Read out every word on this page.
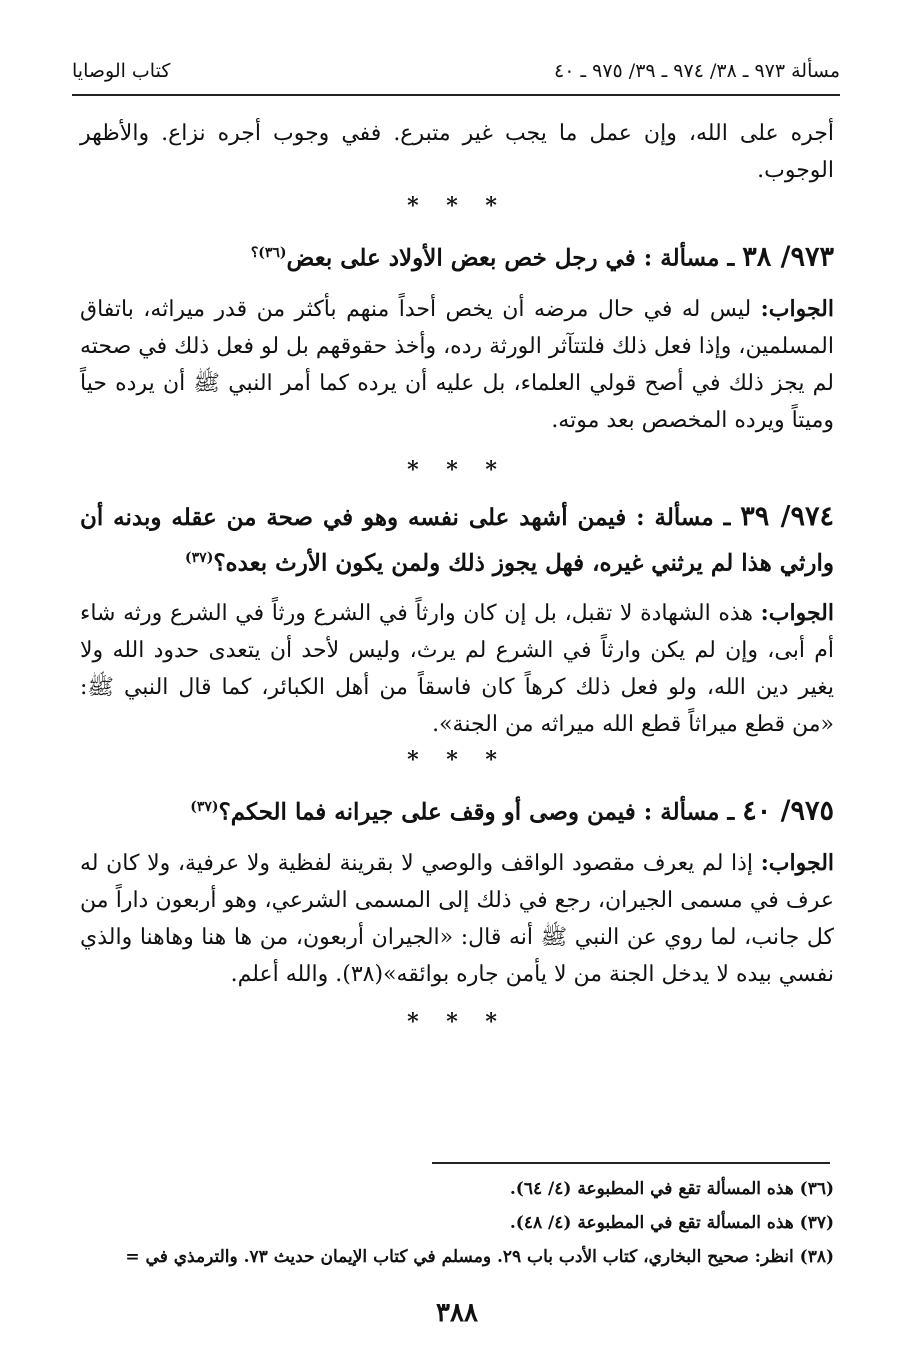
مسألة ٩٧٣ ـ ٣٨/ ٩٧٤ ـ ٣٩/ ٩٧٥ ـ ٤٠
كتاب الوصايا

أجره على الله، وإن عمل ما يجب غير متبرع. ففي وجوب أجره نزاع. والأظهر الوجوب.

* * *
٩٧٣/ ٣٨ ـ مسألة : في رجل خص بعض الأولاد على بعض$^{(٣٦)؟}$

الجواب: ليس له في حال مرضه أن يخص أحداً منهم بأكثر من قدر ميراثه، باتفاق المسلمين، وإذا فعل ذلك فلتتآثر الورثة رده، وأخذ حقوقهم بل لو فعل ذلك في صحته لم يجز ذلك في أصح قولي العلماء، بل عليه أن يرده كما أمر النبي ﷺ أن يرده حياً وميتاً ويرده المخصص بعد موته.

* * *
٩٧٤/ ٣٩ ـ مسألة : فيمن أشهد على نفسه وهو في صحة من عقله وبدنه أن وارثي هذا لم يرثني غيره، فهل يجوز ذلك ولمن يكون الأرث بعده؟$^{(٣٧)}$

الجواب: هذه الشهادة لا تقبل، بل إن كان وارثاً في الشرع ورثاً في الشرع ورثه شاء أم أبى، وإن لم يكن وارثاً في الشرع لم يرث، وليس لأحد أن يتعدى حدود الله ولا يغير دين الله، ولو فعل ذلك كرهاً كان فاسقاً من أهل الكبائر، كما قال النبي ﷺ: «من قطع ميراثاً قطع الله ميراثه من الجنة».

* * *
٩٧٥/ ٤٠ ـ مسألة : فيمن وصى أو وقف على جيرانه فما الحكم؟$^{(٣٧)}$

الجواب: إذا لم يعرف مقصود الواقف والوصي لا بقرينة لفظية ولا عرفية، ولا كان له عرف في مسمى الجيران، رجع في ذلك إلى المسمى الشرعي، وهو أربعون داراً من كل جانب، لما روي عن النبي ﷺ أنه قال: «الجيران أربعون، من ها هنا وهاهنا والذي نفسي بيده لا يدخل الجنة من لا يأمن جاره بوائقه»(٣٨). والله أعلم.

* * *
(٣٦) هذه المسألة تقع في المطبوعة (٤/ ٦٤).
(٣٧) هذه المسألة تقع في المطبوعة (٤/ ٤٨).
(٣٨) انظر: صحيح البخاري، كتاب الأدب باب ٢٩. ومسلم في كتاب الإيمان حديث ٧٣. والترمذي في =
٣٨٨
